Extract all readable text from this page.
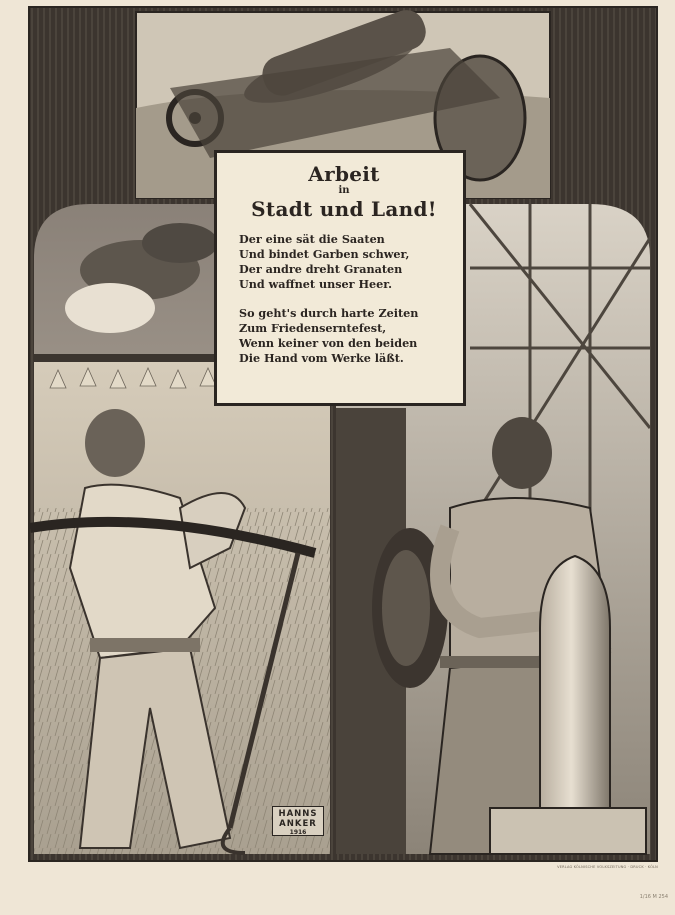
Arbeit
in
Stadt und Land!

Der eine sät die Saaten

Und bindet Garben schwer,

Der andre dreht Granaten

Und waffnet unser Heer.

So geht's durch harte Zeiten

Zum Friedenserntefest,

Wenn keiner von den beiden

Die Hand vom Werke läßt.

HANNS
ANKER
1916
VERLAG KÖLNISCHE VOLKSZEITUNG · DRUCK · KÖLN
1/16 M 254
